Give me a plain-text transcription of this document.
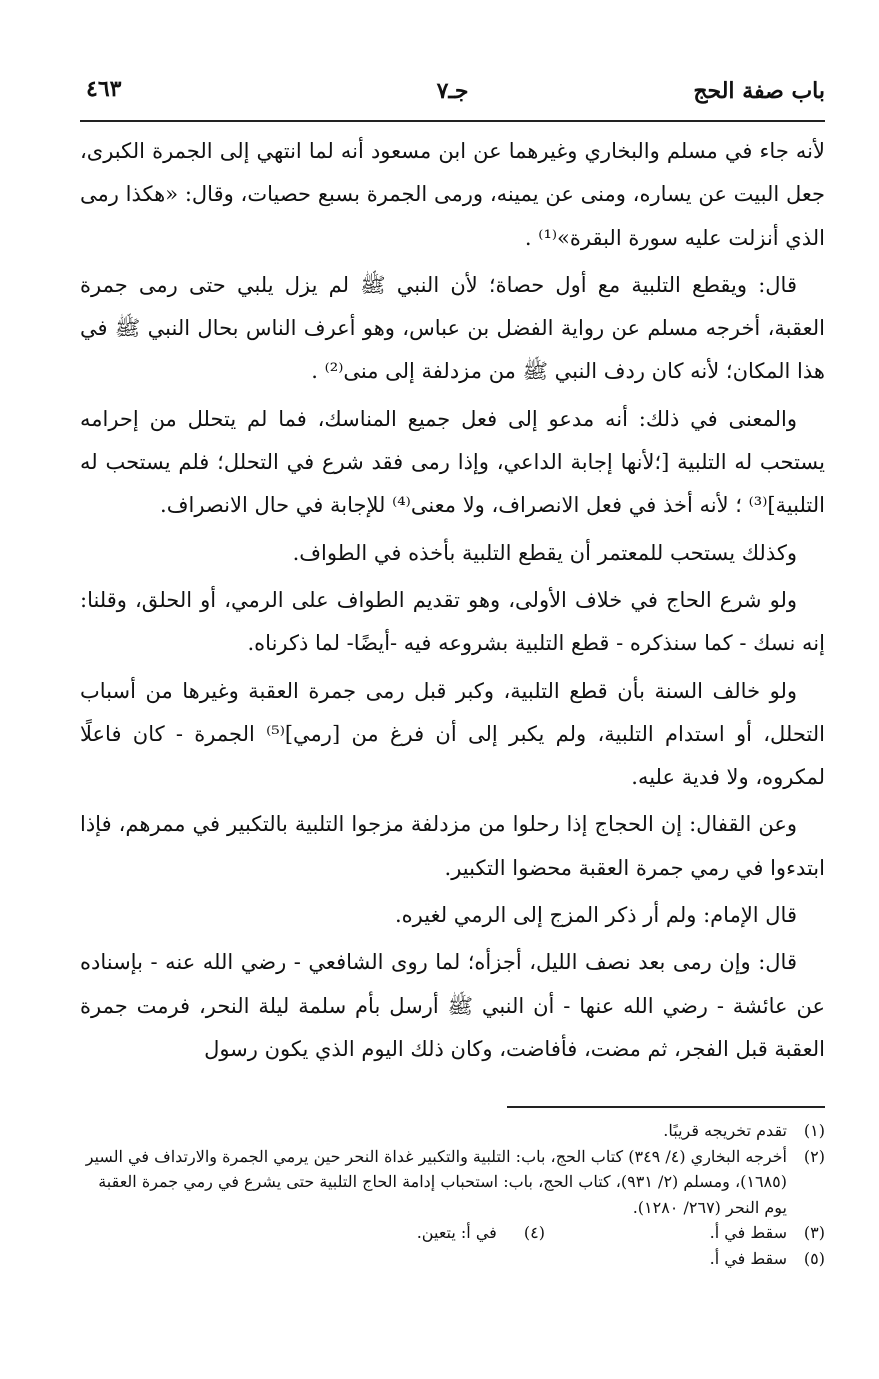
باب صفة الحج
جـ٧
٤٦٣

لأنه جاء في مسلم والبخاري وغيرهما عن ابن مسعود أنه لما انتهي إلى الجمرة الكبرى، جعل البيت عن يساره، ومنى عن يمينه، ورمى الجمرة بسبع حصيات، وقال: «هكذا رمى الذي أنزلت عليه سورة البقرة»⁽¹⁾ .

قال: ويقطع التلبية مع أول حصاة؛ لأن النبي ﷺ لم يزل يلبي حتى رمى جمرة العقبة، أخرجه مسلم عن رواية الفضل بن عباس، وهو أعرف الناس بحال النبي ﷺ في هذا المكان؛ لأنه كان ردف النبي ﷺ من مزدلفة إلى منى⁽²⁾ .

والمعنى في ذلك: أنه مدعو إلى فعل جميع المناسك، فما لم يتحلل من إحرامه يستحب له التلبية [؛لأنها إجابة الداعي، وإذا رمى فقد شرع في التحلل؛ فلم يستحب له التلبية]⁽³⁾ ؛ لأنه أخذ في فعل الانصراف، ولا معنى⁽⁴⁾ للإجابة في حال الانصراف.

وكذلك يستحب للمعتمر أن يقطع التلبية بأخذه في الطواف.

ولو شرع الحاج في خلاف الأولى، وهو تقديم الطواف على الرمي، أو الحلق، وقلنا: إنه نسك - كما سنذكره - قطع التلبية بشروعه فيه -أيضًا- لما ذكرناه.

ولو خالف السنة بأن قطع التلبية، وكبر قبل رمى جمرة العقبة وغيرها من أسباب التحلل، أو استدام التلبية، ولم يكبر إلى أن فرغ من [رمي]⁽⁵⁾ الجمرة - كان فاعلًا لمكروه، ولا فدية عليه.

وعن القفال: إن الحجاج إذا رحلوا من مزدلفة مزجوا التلبية بالتكبير في ممرهم، فإذا ابتدءوا في رمي جمرة العقبة محضوا التكبير.

قال الإمام: ولم أر ذكر المزج إلى الرمي لغيره.

قال: وإن رمى بعد نصف الليل، أجزأه؛ لما روى الشافعي - رضي الله عنه - بإسناده عن عائشة - رضي الله عنها - أن النبي ﷺ أرسل بأم سلمة ليلة النحر، فرمت جمرة العقبة قبل الفجر، ثم مضت، فأفاضت، وكان ذلك اليوم الذي يكون رسول

(١)
تقدم تخريجه قريبًا.

(٢)
أخرجه البخاري (٤/ ٣٤٩) كتاب الحج، باب: التلبية والتكبير غداة النحر حين يرمي الجمرة والارتداف في السير (١٦٨٥)، ومسلم (٢/ ٩٣١)، كتاب الحج، باب: استحباب إدامة الحاج التلبية حتى يشرع في رمي جمرة العقبة يوم النحر (٢٦٧/ ١٢٨٠).

(٣)
سقط في أ.
(٤) في أ: يتعين.

(٥)
سقط في أ.
